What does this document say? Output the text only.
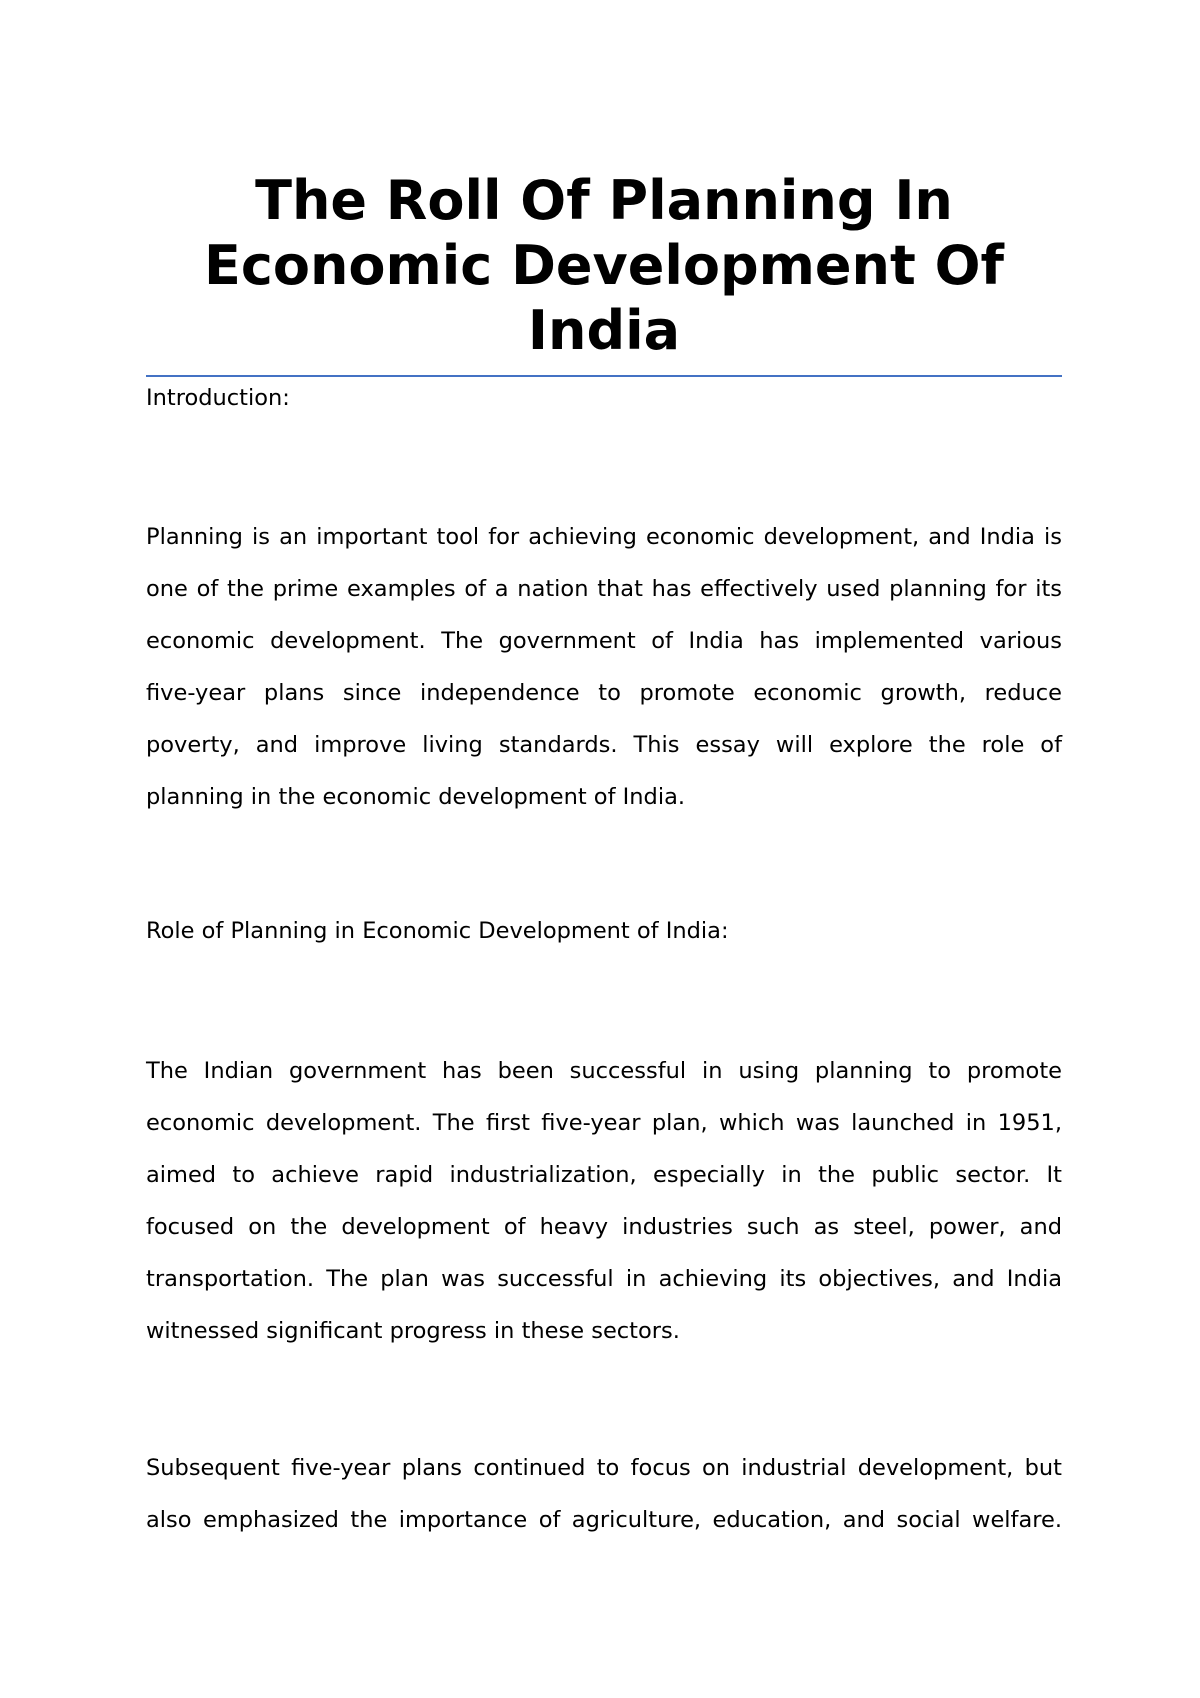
The Roll Of Planning In
Economic Development Of
India

Introduction:

Planning is an important tool for achieving economic development, and India is
one of the prime examples of a nation that has effectively used planning for its
economic development. The government of India has implemented various
five-year plans since independence to promote economic growth, reduce
poverty, and improve living standards. This essay will explore the role of
planning in the economic development of India.

Role of Planning in Economic Development of India:

The Indian government has been successful in using planning to promote
economic development. The first five-year plan, which was launched in 1951,
aimed to achieve rapid industrialization, especially in the public sector. It
focused on the development of heavy industries such as steel, power, and
transportation. The plan was successful in achieving its objectives, and India
witnessed significant progress in these sectors.
Subsequent five-year plans continued to focus on industrial development, but
also emphasized the importance of agriculture, education, and social welfare.
